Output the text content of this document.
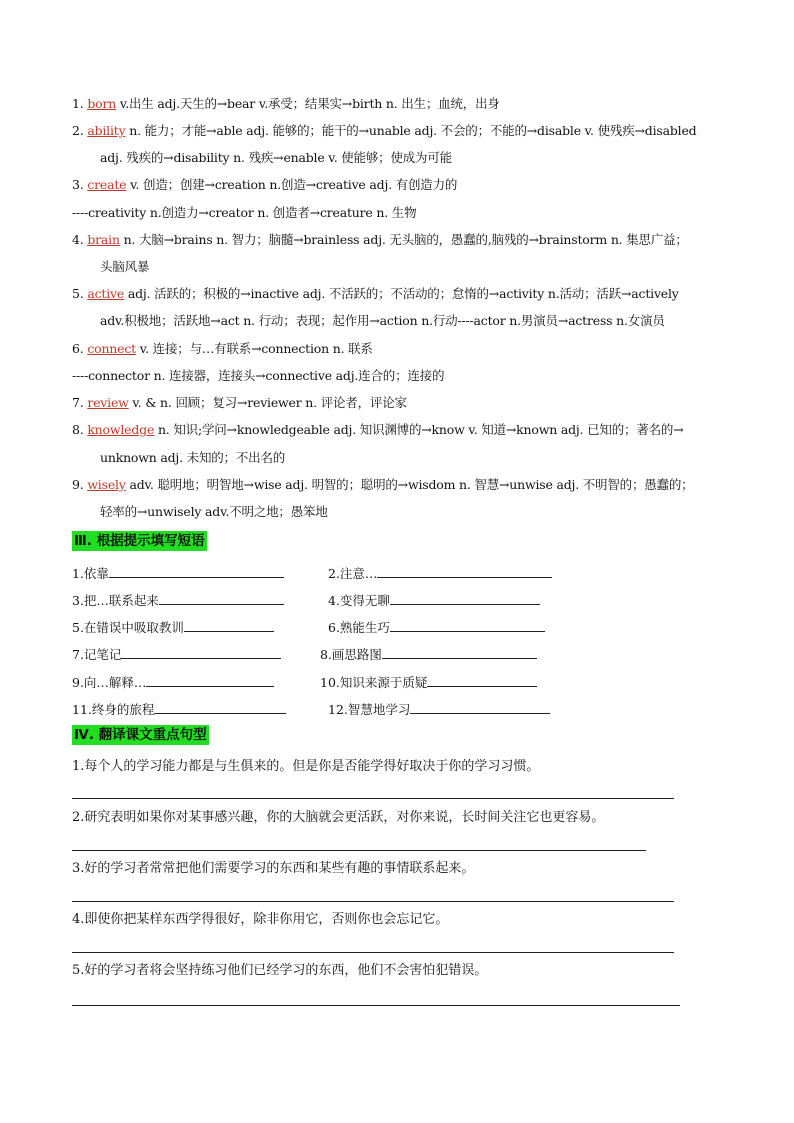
1. born v.出生 adj.天生的→bear v.承受；结果实→birth n. 出生；血统，出身
2. ability n. 能力；才能→able adj. 能够的；能干的→unable adj. 不会的；不能的→disable v. 使残疾→disabled
adj. 残疾的→disability n. 残疾→enable v. 使能够；使成为可能
3. create v. 创造；创建→creation n.创造→creative adj. 有创造力的
----creativity n.创造力→creator n. 创造者→creature n. 生物
4. brain n. 大脑→brains n. 智力；脑髓→brainless adj. 无头脑的，愚蠢的,脑残的→brainstorm n. 集思广益；
头脑风暴
5. active adj. 活跃的；积极的→inactive adj. 不活跃的；不活动的；怠惰的→activity n.活动；活跃→actively
adv.积极地；活跃地→act n. 行动；表现；起作用→action n.行动----actor n.男演员→actress n.女演员
6. connect v. 连接；与…有联系→connection n. 联系
----connector n. 连接器，连接头→connective adj.连合的；连接的
7. review v. & n. 回顾；复习→reviewer n. 评论者，评论家
8. knowledge n. 知识;学问→knowledgeable adj. 知识渊博的→know v. 知道→known adj. 已知的；著名的→
unknown adj. 未知的；不出名的
9. wisely adv. 聪明地；明智地→wise adj. 明智的；聪明的→wisdom n. 智慧→unwise adj. 不明智的；愚蠢的；
轻率的→unwisely adv.不明之地；愚笨地
Ⅲ. 根据提示填写短语
1.依靠	2.注意…
3.把…联系起来	4.变得无聊
5.在错误中吸取教训	6.熟能生巧
7.记笔记	8.画思路图
9.向…解释…	10.知识来源于质疑
11.终身的旅程	12.智慧地学习
Ⅳ. 翻译课文重点句型
1.每个人的学习能力都是与生俱来的。但是你是否能学得好取决于你的学习习惯。
2.研究表明如果你对某事感兴趣，你的大脑就会更活跃，对你来说，长时间关注它也更容易。
3.好的学习者常常把他们需要学习的东西和某些有趣的事情联系起来。
4.即使你把某样东西学得很好，除非你用它，否则你也会忘记它。
5.好的学习者将会坚持练习他们已经学习的东西，他们不会害怕犯错误。
